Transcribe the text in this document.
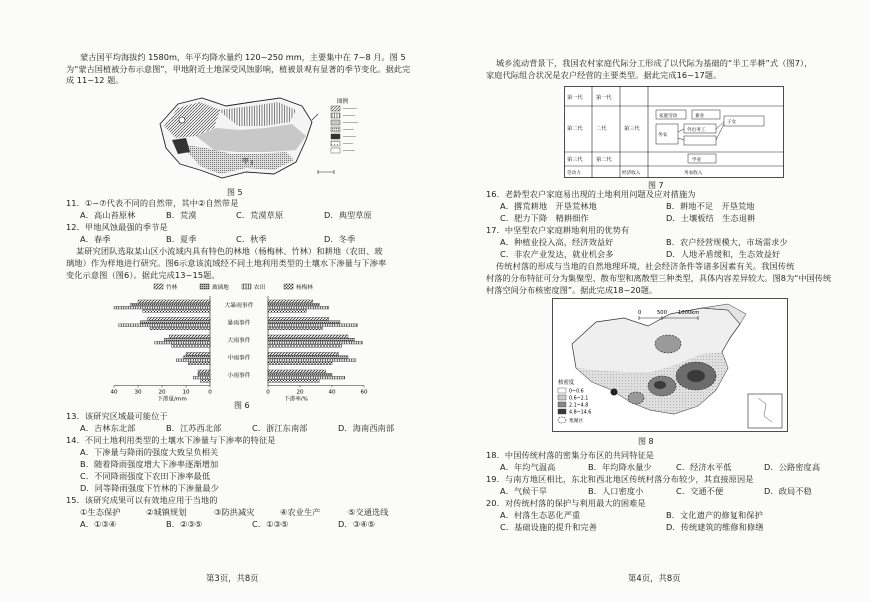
蒙古国平均海拔约 1580m，年平均降水量约 120~250 mm，主要集中在 7~8 月。图 5 为“蒙古国植被分布示意图”，甲地附近土地深受风蚀影响，植被景观有显著的季节变化。据此完成 11~12 题。
甲
图例
图 5
11．①~⑦代表不同的自然带，其中②自然带是
A．高山苔原林	B．荒漠	C．荒漠草原	D．典型草原
12．甲地风蚀最强的季节是
A．春季	B．夏季	C．秋季	D．冬季
某研究团队选取某山区小流域内具有特色的林地（杨梅林、竹林）和耕地（农田、玻
璃地）作为样地进行研究。图6示意该流域经不同土地利用类型的土壤水下渗量与下渗率
变化示意图（图6）。据此完成13~15题。
竹林	玻璃地	农田	杨梅林
40	30	20	10	0	0	20	40	60
下渗量/mm	下渗率/%
大暴雨事件
暴雨事件
大雨事件
中雨事件
小雨事件
图 6
13．该研究区域最可能位于
A．吉林东北部	B．江苏西北部	C．浙江东南部	D．海南西南部
14．不同土地利用类型的土壤水下渗量与下渗率的特征是
A．下渗量与降雨的强度大致呈负相关
B．随着降雨强度增大下渗率逐渐增加
C．不同降雨强度下农田下渗率最低
D．同等降雨强度下竹林的下渗量最少
15．该研究成果可以有效地应用于当地的
①生态保护	②城镇规划	③防洪减灾	④农业生产	⑤交通选线
A．①③④	B．②③⑤	C．①③⑤	D．③④⑤
第3页，共8页
城乡流动背景下，我国农村家庭代际分工形成了以代际为基础的“半工半耕”式（图7），
家庭代际组合状况是农户经营的主要类型。据此完成16~17题。
第一代
第二代
第三代
第一代
二代	第三代
第二代
家庭劳动	兼业
务农
外出务工
学业
子女
劳动力	经济收入	务农收入
图 7
16．老龄型农户家庭易出现的土地利用问题及应对措施为
A．撂荒耕地　开垦荒林地	B．耕地不足　开垦荒地
C．肥力下降　精耕细作	D．土壤板结　生态退耕
17．中坚型农户家庭耕地利用的优势有
A．种植业投入高，经济效益好	B．农户经营规模大，市场需求少
C．非农产业发达，就业机会多	D．人地矛盾缓和，生态效益好
传统村落的形成与当地的自然地理环境，社会经济条件等诸多因素有关。我国传统
村落的分布特征可分为集聚型、散布型和离散型三种类型，具体内容差异较大。图8为“中国传统村落空间分布核密度图”。据此完成18~20题。
0	500 1000km
核密度
0~0.6
0.6~2.1
2.1~4.8
4.8~14.6
集聚区
图 8
18．中国传统村落的密集分布区的共同特征是
A．年均气温高	B．年均降水量少	C．经济水平低	D．公路密度高
19．与南方地区相比，东北和西北地区传统村落分布较少，其直接原因是
A．气候干旱	B．人口密度小	C．交通不便	D．政局不稳
20．对传统村落的保护与利用最大的困难是
A．村落生态恶化严重	B．文化遗产的修复和保护
C．基础设施的提升和完善	D．传统建筑的维修和修缮
第4页，共8页
